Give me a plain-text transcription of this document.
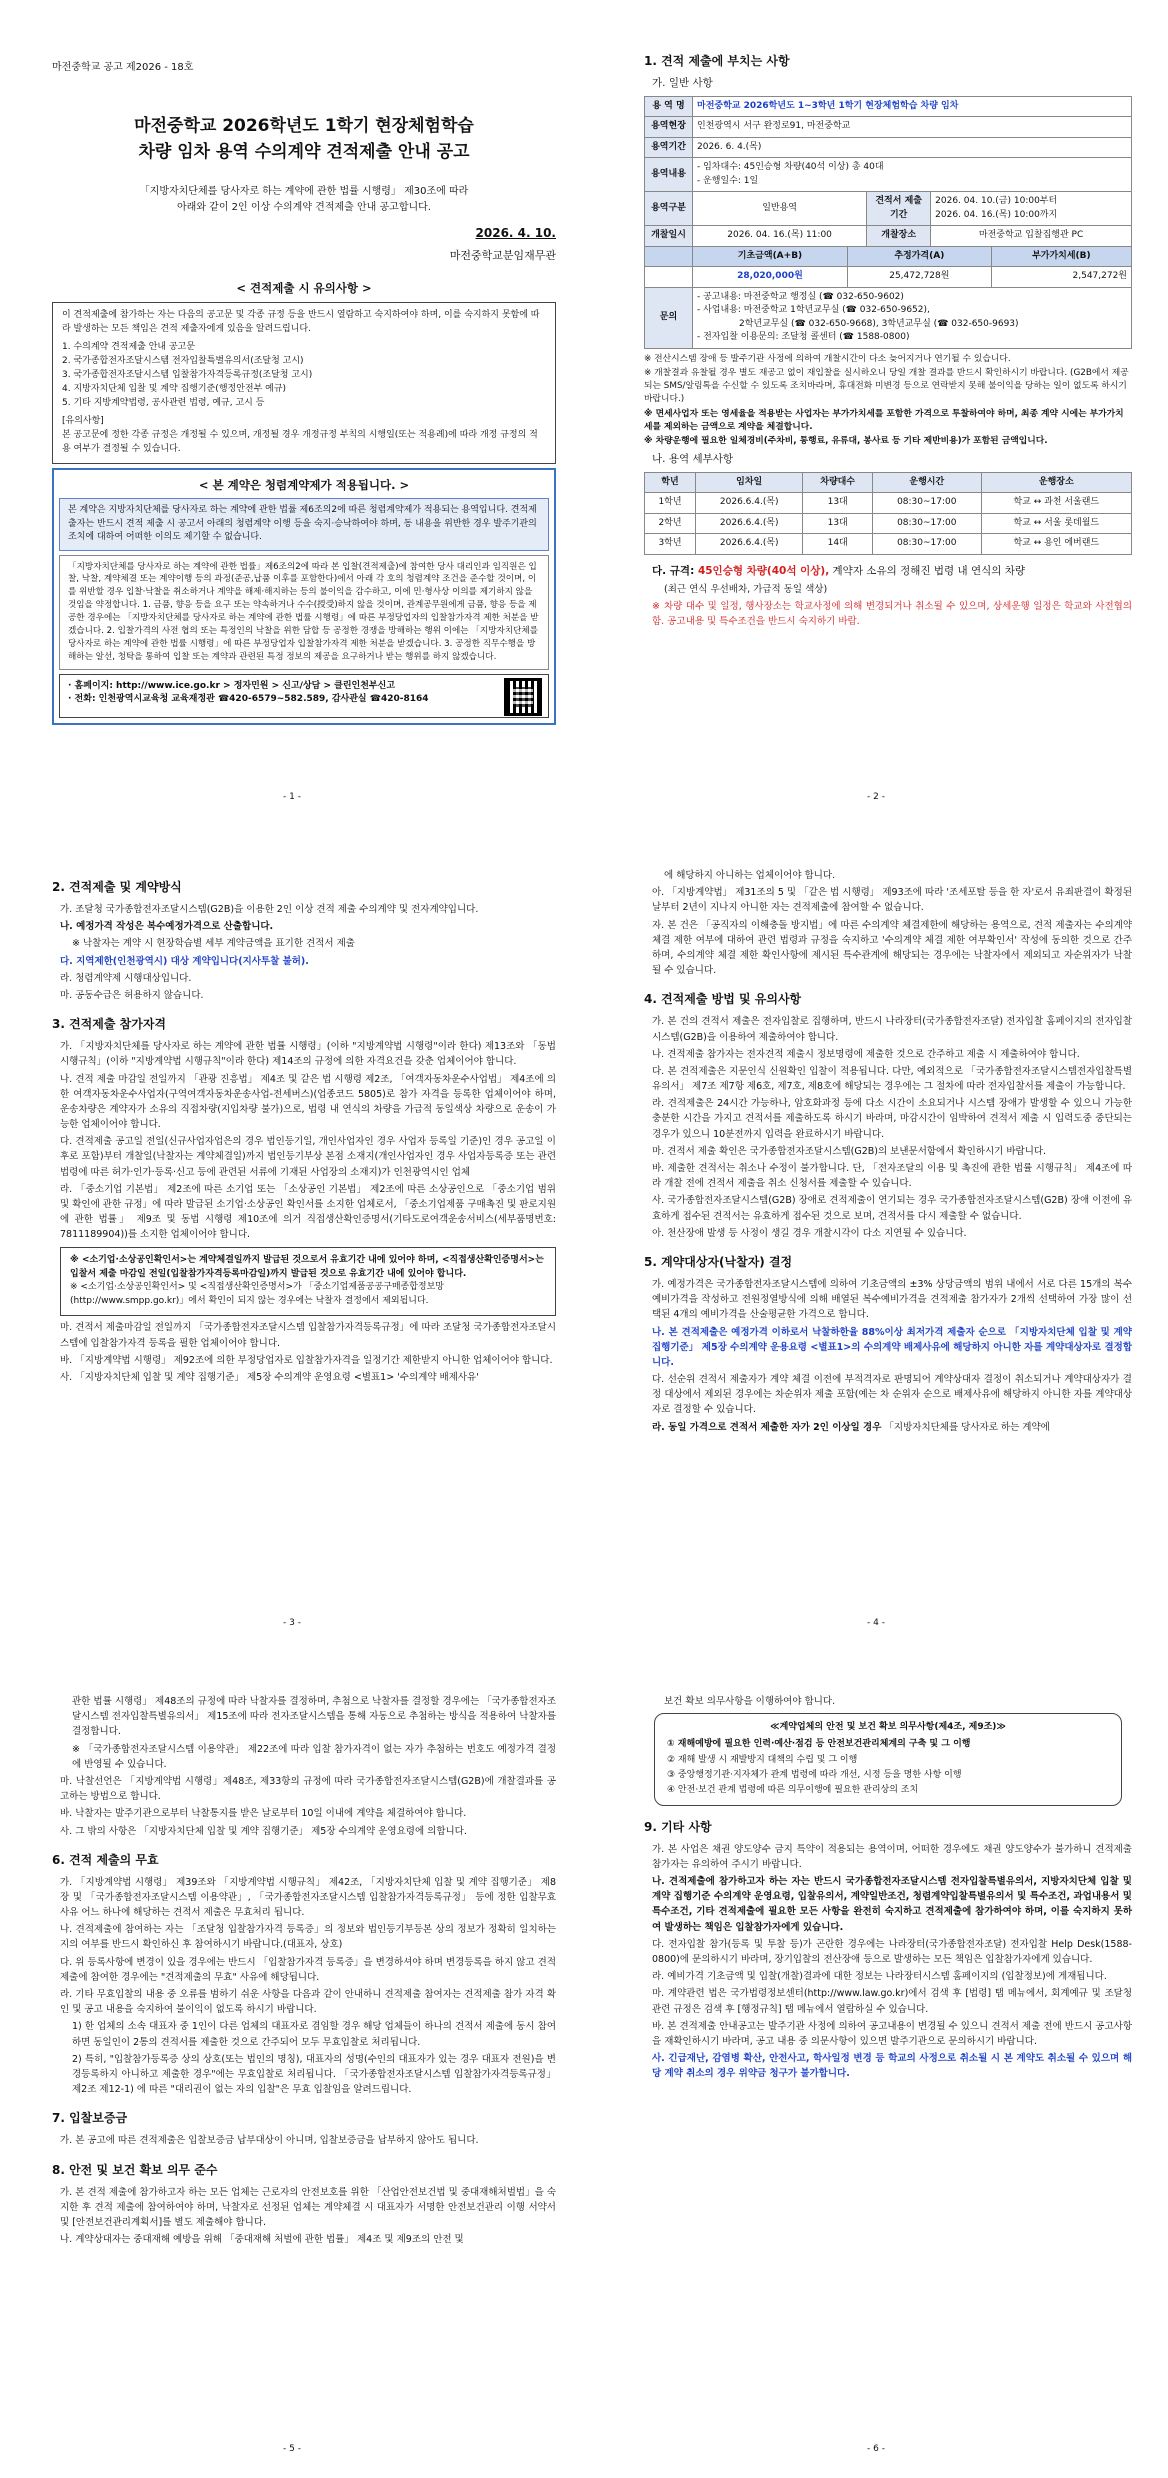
마전중학교 공고 제2026 - 18호
마전중학교 2026학년도 1학기 현장체험학습
차량 임차 용역 수의계약 견적제출 안내 공고
「지방자치단체를 당사자로 하는 계약에 관한 법률 시행령」 제30조에 따라
아래와 같이 2인 이상 수의계약 견적제출 안내 공고합니다.
2026. 4. 10.
마전중학교분임재무관
< 견적제출 시 유의사항 >
이 견적제출에 참가하는 자는 다음의 공고문 및 각종 규정 등을 반드시 열람하고 숙지하여야 하며, 이를 숙지하지 못함에 따라 발생하는 모든 책임은 견적 제출자에게 있음을 알려드립니다.
1. 수의계약 견적제출 안내 공고문
2. 국가종합전자조달시스템 전자입찰특별유의서(조달청 고시)
3. 국가종합전자조달시스템 입찰참가자격등록규정(조달청 고시)
4. 지방자치단체 입찰 및 계약 집행기준(행정안전부 예규)
5. 기타 지방계약법령, 공사관련 법령, 예규, 고시 등
[유의사항]
본 공고문에 정한 각종 규정은 개정될 수 있으며, 개정될 경우 개정규정 부칙의 시행일(또는 적용례)에 따라 개정 규정의 적용 여부가 결정될 수 있습니다.
< 본 계약은 청렴계약제가 적용됩니다. >
본 계약은 지방자치단체를 당사자로 하는 계약에 관한 법률 제6조의2에 따른 청렴계약제가 적용되는 용역입니다. 견적제출자는 반드시 견적 제출 시 공고서 아래의 청렴계약 이행 등을 숙지·승낙하여야 하며, 동 내용을 위반한 경우 발주기관의 조치에 대하여 어떠한 이의도 제기할 수 없습니다.
「지방자치단체를 당사자로 하는 계약에 관한 법률」제6조의2에 따라 본 입찰(견적제출)에 참여한 당사 대리인과 임직원은 입찰, 낙찰, 계약체결 또는 계약이행 등의 과정(준공,납품 이후를 포함한다)에서 아래 각 호의 청렴계약 조건을 준수할 것이며, 이를 위반할 경우 입찰·낙찰을 취소하거나 계약을 해제·해지하는 등의 불이익을 감수하고, 이에 민·형사상 이의를 제기하지 않을 것임을 약정합니다. 1. 금품, 향응 등을 요구 또는 약속하거나 수수(授受)하지 않을 것이며, 관계공무원에게 금품, 향응 등을 제공한 경우에는 「지방자치단체를 당사자로 하는 계약에 관한 법률 시행령」에 따른 부정당업자의 입찰참가자격 제한 처분을 받겠습니다. 2. 입찰가격의 사전 협의 또는 특정인의 낙찰을 위한 담합 등 공정한 경쟁을 방해하는 행위 이에는 「지방자치단체를 당사자로 하는 계약에 관한 법률 시행령」에 따른 부정당업자 입찰참가자격 제한 처분을 받겠습니다. 3. 공정한 직무수행을 방해하는 알선, 청탁을 통하여 입찰 또는 계약과 관련된 특정 정보의 제공을 요구하거나 받는 행위를 하지 않겠습니다.
· 홈페이지: http://www.ice.go.kr > 정자민원 > 신고/상담 > 클린인천부신고
· 전화: 인천광역시교육청 교육재정관 ☎420-6579~582.589, 감사관실 ☎420-8164
- 1 -
1. 견적 제출에 부치는 사항
가. 일반 사항
용 역 명	마전중학교 2026학년도 1~3학년 1학기 현장체험학습 차량 임차		
용역현장	인천광역시 서구 완정로91, 마전중학교		
용역기간	2026. 6. 4.(목)		
용역내용	- 임차대수: 45인승형 차량(40석 이상) 총 40대
- 운행일수: 1일		

용역구분	일반용역	견적서 제출기간	2026. 04. 10.(금) 10:00부터
2026. 04. 16.(목) 10:00까지

개찰일시	2026. 04. 16.(목) 11:00	개찰장소	마전중학교 입찰집행관 PC
	기초금액(A+B)	추정가격(A)	부가가치세(B)
	28,020,000원	25,472,728원	2,547,272원
문의	- 공고내용: 마전중학교 행정실 (☎ 032-650-9602)
- 사업내용: 마전중학교 1학년교무실 (☎ 032-650-9652),
2학년교무실 (☎ 032-650-9668), 3학년교무실 (☎ 032-650-9693)
- 전자입찰 이용문의: 조달청 콜센터 (☎ 1588-0800)		
※ 전산시스템 장애 등 발주기관 사정에 의하여 개찰시간이 다소 늦어지거나 연기될 수 있습니다.
※ 개찰결과 유찰될 경우 별도 재공고 없이 재입찰을 실시하오니 당일 개찰 결과를 반드시 확인하시기 바랍니다. (G2B에서 제공되는 SMS/알림톡을 수신할 수 있도록 조치바라며, 휴대전화 미변경 등으로 연락받지 못해 불이익을 당하는 일이 없도록 하시기 바랍니다.)
※ 면세사업자 또는 영세율을 적용받는 사업자는 부가가치세를 포함한 가격으로 투찰하여야 하며, 최종 계약 시에는 부가가치세를 제외하는 금액으로 계약을 체결합니다.
※ 차량운행에 필요한 일체경비(주차비, 통행료, 유류대, 봉사료 등 기타 제반비용)가 포함된 금액입니다.
나. 용역 세부사항
학년	임차일	차량대수	운행시간	운행장소
1학년	2026.6.4.(목)	13대	08:30~17:00	학교 ↔ 과천 서울랜드
2학년	2026.6.4.(목)	13대	08:30~17:00	학교 ↔ 서울 롯데월드
3학년	2026.6.4.(목)	14대	08:30~17:00	학교 ↔ 용인 에버랜드
다. 규격: 45인승형 차량(40석 이상), 계약자 소유의 정해진 법령 내 연식의 차량
(최근 연식 우선배차, 가급적 동일 색상)
※ 차량 대수 및 일정, 행사장소는 학교사정에 의해 변경되거나 취소될 수 있으며, 상세운행 일정은 학교와 사전협의함. 공고내용 및 특수조건을 반드시 숙지하기 바람.
- 2 -
2. 견적제출 및 계약방식
가. 조달청 국가종합전자조달시스템(G2B)을 이용한 2인 이상 견적 제출 수의계약 및 전자계약입니다.
나. 예정가격 작성은 복수예정가격으로 산출합니다.
※ 낙찰자는 계약 시 현장학습별 세부 계약금액을 표기한 견적서 제출
다. 지역제한(인천광역시) 대상 계약입니다(지사투찰 불허).
라. 청렴계약제 시행대상입니다.
마. 공동수급은 허용하지 않습니다.
3. 견적제출 참가자격
가. 「지방자치단체를 당사자로 하는 계약에 관한 법률 시행령」(이하 "지방계약법 시행령"이라 한다) 제13조와 「동법 시행규칙」(이하 "지방계약법 시행규칙"이라 한다) 제14조의 규정에 의한 자격요건을 갖춘 업체이어야 합니다.
나. 견적 제출 마감일 전일까지 「관광 진흥법」 제4조 및 같은 법 시행령 제2조, 「여객자동차운수사업법」 제4조에 의한 여객자동차운수사업자(구역여객자동차운송사업-전세버스)(업종코드 5805)로 참가 자격을 등록한 업체이어야 하며, 운송차량은 계약자가 소유의 직접차량(지입차량 불가)으로, 법령 내 연식의 차량을 가급적 동일색상 차량으로 운송이 가능한 업체이어야 합니다.
다. 견적제출 공고일 전일(신규사업자업은의 경우 법인등기일, 개인사업자인 경우 사업자 등록일 기준)인 경우 공고일 이후로 포함)부터 개찰일(낙찰자는 계약체결일)까지 법인등기부상 본점 소재지(개인사업자인 경우 사업자등록증 또는 관련 법령에 따른 허가·인가·등록·신고 등에 관련된 서류에 기재된 사업장의 소재지)가 인천광역시인 업체
라. 「중소기업 기본법」 제2조에 따른 소기업 또는 「소상공인 기본법」 제2조에 따른 소상공인으로 「중소기업 범위 및 확인에 관한 규정」에 따라 발급된 소기업·소상공인 확인서를 소지한 업체로서, 「중소기업제품 구매촉진 및 판로지원에 관한 법률」 제9조 및 동법 시행령 제10조에 의거 직접생산확인증명서(기타도로여객운송서비스(세부품명번호: 7811189904))를 소지한 업체이어야 합니다.
※ <소기업·소상공인확인서>는 계약체결일까지 발급된 것으로서 유효기간 내에 있어야 하며, <직접생산확인증명서>는 입찰서 제출 마감일 전일(입찰참가자격등록마감일)까지 발급된 것으로 유효기간 내에 있어야 합니다.
※ <소기업·소상공인확인서> 및 <직접생산확인증명서>가 「중소기업제품공공구매종합정보망(http://www.smpp.go.kr)」에서 확인이 되지 않는 경우에는 낙찰자 결정에서 제외됩니다.
마. 견적서 제출마감일 전일까지 「국가종합전자조달시스템 입찰참가자격등록규정」에 따라 조달청 국가종합전자조달시스템에 입찰참가자격 등록을 필한 업체이어야 합니다.
바. 「지방계약법 시행령」 제92조에 의한 부정당업자로 입찰참가자격을 일정기간 제한받지 아니한 업체이어야 합니다.
사. 「지방자치단체 입찰 및 계약 집행기준」 제5장 수의계약 운영요령 <별표1> '수의계약 배제사유'
- 3 -
에 해당하지 아니하는 업체이어야 합니다.
아. 「지방계약법」 제31조의 5 및 「같은 법 시행령」 제93조에 따라 '조세포탈 등을 한 자'로서 유죄판결이 확정된 날부터 2년이 지나지 아니한 자는 견적제출에 참여할 수 없습니다.
자. 본 건은 「공직자의 이해충돌 방지법」에 따른 수의계약 체결제한에 해당하는 용역으로, 견적 제출자는 수의계약체결 제한 여부에 대하여 관련 법령과 규정을 숙지하고 '수의계약 체결 제한 여부확인서' 작성에 동의한 것으로 간주하며, 수의계약 체결 제한 확인사항에 제시된 특수관계에 해당되는 경우에는 낙찰자에서 제외되고 자순위자가 낙찰 될 수 있습니다.
4. 견적제출 방법 및 유의사항
가. 본 건의 견적서 제출은 전자입찰로 집행하며, 반드시 나라장터(국가종합전자조달) 전자입찰 홈페이지의 전자입찰시스템(G2B)을 이용하여 제출하여야 합니다.
나. 견적제출 참가자는 전자견적 제출시 정보명령에 제출한 것으로 간주하고 제출 시 제출하여야 합니다.
다. 본 견적제출은 지문인식 신원확인 입찰이 적용됩니다. 다만, 예외적으로 「국가종합전자조달시스템전자입찰특별유의서」 제7조 제7항 제6호, 제7호, 제8호에 해당되는 경우에는 그 절차에 따라 전자입찰서를 제출이 가능합니다.
라. 견적제출은 24시간 가능하나, 암호화과정 등에 다소 시간이 소요되거나 시스템 장애가 발생할 수 있으니 가능한 충분한 시간을 가지고 견적서를 제출하도록 하시기 바라며, 마감시간이 임박하여 견적서 제출 시 입력도중 중단되는 경우가 있으니 10분전까지 입력을 완료하시기 바랍니다.
마. 견적서 제출 확인은 국가종합전자조달시스템(G2B)의 보낸문서함에서 확인하시기 바랍니다.
바. 제출한 견적서는 취소나 수정이 불가합니다. 단, 「전자조달의 이용 및 촉진에 관한 법률 시행규칙」 제4조에 따라 개찰 전에 견적서 제출을 취소 신청서를 제출할 수 있습니다.
사. 국가종합전자조달시스템(G2B) 장애로 견적제출이 연기되는 경우 국가종합전자조달시스템(G2B) 장애 이전에 유효하게 접수된 견적서는 유효하게 접수된 것으로 보며, 견적서를 다시 제출할 수 없습니다.
아. 천산장애 발생 등 사정이 생길 경우 개찰시각이 다소 지연될 수 있습니다.
5. 계약대상자(낙찰자) 결정
가. 예정가격은 국가종합전자조달시스템에 의하여 기초금액의 ±3% 상당금액의 범위 내에서 서로 다른 15개의 복수예비가격을 작성하고 전원정열방식에 의해 배열된 복수예비가격을 견적제출 참가자가 2개씩 선택하여 가장 많이 선택된 4개의 예비가격을 산술평균한 가격으로 합니다.
나. 본 견적제출은 예정가격 이하로서 낙찰하한율 88%이상 최저가격 제출자 순으로 「지방자치단체 입찰 및 계약집행기준」 제5장 수의계약 운용요령 <별표1>의 수의계약 배제사유에 해당하지 아니한 자를 계약대상자로 결정합니다.
다. 선순위 견적서 제출자가 계약 체결 이전에 부적격자로 판명되어 계약상대자 결정이 취소되거나 계약대상자가 결정 대상에서 제외된 경우에는 차순위자 제출 포함(예는 차 순위자 순으로 배제사유에 해당하지 아니한 자를 계약대상자로 결정할 수 있습니다.
라. 동일 가격으로 견적서 제출한 자가 2인 이상일 경우 「지방자치단체를 당사자로 하는 계약에
- 4 -
관한 법률 시행령」 제48조의 규정에 따라 낙찰자를 결정하며, 추첨으로 낙찰자를 결정할 경우에는 「국가종합전자조달시스템 전자입찰특별유의서」 제15조에 따라 전자조달시스템을 통해 자동으로 추첨하는 방식을 적용하여 낙찰자를 결정합니다.
※ 「국가종합전자조달시스템 이용약관」 제22조에 따라 입찰 참가자격이 없는 자가 추첨하는 번호도 예정가격 결정에 반영될 수 있습니다.
마. 낙찰선언은 「지방계약법 시행령」제48조, 제33항의 규정에 따라 국가종합전자조달시스템(G2B)에 개찰결과를 공고하는 방법으로 합니다.
바. 낙찰자는 발주기관으로부터 낙찰통지를 받은 날로부터 10일 이내에 계약을 체결하여야 합니다.
사. 그 밖의 사항은 「지방자치단체 입찰 및 계약 집행기준」 제5장 수의계약 운영요령에 의합니다.
6. 견적 제출의 무효
가. 「지방계약법 시행령」 제39조와 「지방계약법 시행규칙」 제42조, 「지방자치단체 입찰 및 계약 집행기준」 제8장 및 「국가종합전자조달시스템 이용약관」, 「국가종합전자조달시스템 입찰참가자격등록규정」 등에 정한 입찰무효사유 어느 하나에 해당하는 견적서 제출은 무효처리 됩니다.
나. 견적제출에 참여하는 자는 「조달청 입찰참가자격 등록증」의 정보와 법인등기부등본 상의 정보가 정확히 일치하는지의 여부를 반드시 확인하신 후 참여하시기 바랍니다.(대표자, 상호)
다. 위 등록사항에 변경이 있을 경우에는 반드시 「입찰참가자격 등록증」을 변경하셔야 하며 변경등록을 하지 않고 견적제출에 참여한 경우에는 "견적제출의 무효" 사유에 해당됩니다.
라. 기타 무효입찰의 내용 중 오류를 범하기 쉬운 사항을 다음과 같이 안내하니 견적제출 참여자는 견적제출 참가 자격 확인 및 공고 내용을 숙지하여 불이익이 없도록 하시기 바랍니다.
1) 한 업체의 소속 대표자 중 1인이 다른 업체의 대표자로 겸임할 경우 해당 업체들이 하나의 견적서 제출에 동시 참여하면 동일인이 2통의 견적서를 제출한 것으로 간주되어 모두 무효입찰로 처리됩니다.
2) 특히, "입찰참가등록증 상의 상호(또는 법인의 명칭), 대표자의 성명(수인의 대표자가 있는 경우 대표자 전원)을 변경등록하지 아니하고 제출한 경우"에는 무효입찰로 처리됩니다. 「국가종합전자조달시스템 입찰참가자격등록규정」 제2조 제12-1) 에 따른 "대리권이 없는 자의 입찰"은 무효 입찰임을 알려드립니다.
7. 입찰보증금
가. 본 공고에 따른 견적제출은 입찰보증금 납부대상이 아니며, 입찰보증금을 납부하지 않아도 됩니다.
8. 안전 및 보건 확보 의무 준수
가. 본 견적 제출에 참가하고자 하는 모든 업체는 근로자의 안전보호를 위한 「산업안전보건법 및 중대재해처벌법」을 숙지한 후 견적 제출에 참여하여야 하며, 낙찰자로 선정된 업체는 계약체결 시 대표자가 서명한 안전보건관리 이행 서약서 및 [안전보건관리계획서]를 별도 제출해야 합니다.
나. 계약상대자는 중대재해 예방을 위해 「중대재해 처벌에 관한 법률」 제4조 및 제9조의 안전 및
- 5 -
보건 확보 의무사항을 이행하여야 합니다.
≪계약업체의 안전 및 보건 확보 의무사항(제4조, 제9조)≫
① 재해예방에 필요한 인력·예산·점검 등 안전보건관리체계의 구축 및 그 이행
② 재해 발생 시 재발방지 대책의 수립 및 그 이행
③ 중앙행정기관·지자체가 관계 법령에 따라 개선, 시정 등을 명한 사항 이행
④ 안전·보건 관계 법령에 따른 의무이행에 필요한 관리상의 조치
9. 기타 사항
가. 본 사업은 채권 양도양수 금지 특약이 적용되는 용역이며, 어떠한 경우에도 채권 양도양수가 불가하니 견적제출 참가자는 유의하여 주시기 바랍니다.
나. 견적제출에 참가하고자 하는 자는 반드시 국가종합전자조달시스템 전자입찰특별유의서, 지방자치단체 입찰 및 계약 집행기준 수의계약 운영요령, 입찰유의서, 계약일반조건, 청렴계약입찰특별유의서 및 특수조건, 과업내용서 및 특수조건, 기타 견적제출에 필요한 모든 사항을 완전히 숙지하고 견적제출에 참가하여야 하며, 이를 숙지하지 못하여 발생하는 책임은 입찰참가자에게 있습니다.
다. 전자입찰 참가(등록 및 투찰 등)가 곤란한 경우에는 나라장터(국가종합전자조달) 전자입찰 Help Desk(1588-0800)에 문의하시기 바라며, 장기입찰의 전산장애 등으로 발생하는 모든 책임은 입찰참가자에게 있습니다.
라. 예비가격 기초금액 및 입찰(개찰)결과에 대한 정보는 나라장터시스템 홈페이지의 (입찰정보)에 게재됩니다.
마. 계약관련 법은 국가법령정보센터(http://www.law.go.kr)에서 검색 후 [법령] 탭 메뉴에서, 회계예규 및 조달청 관련 규정은 검색 후 [행정규칙] 탭 메뉴에서 열람하실 수 있습니다.
바. 본 견적제출 안내공고는 발주기관 사정에 의하여 공고내용이 변경될 수 있으니 견적서 제출 전에 반드시 공고사항을 재확인하시기 바라며, 공고 내용 중 의문사항이 있으면 발주기관으로 문의하시기 바랍니다.
사. 긴급재난, 감염병 확산, 안전사고, 학사일정 변경 등 학교의 사정으로 취소될 시 본 계약도 취소될 수 있으며 해당 계약 취소의 경우 위약금 청구가 불가합니다.
- 6 -
